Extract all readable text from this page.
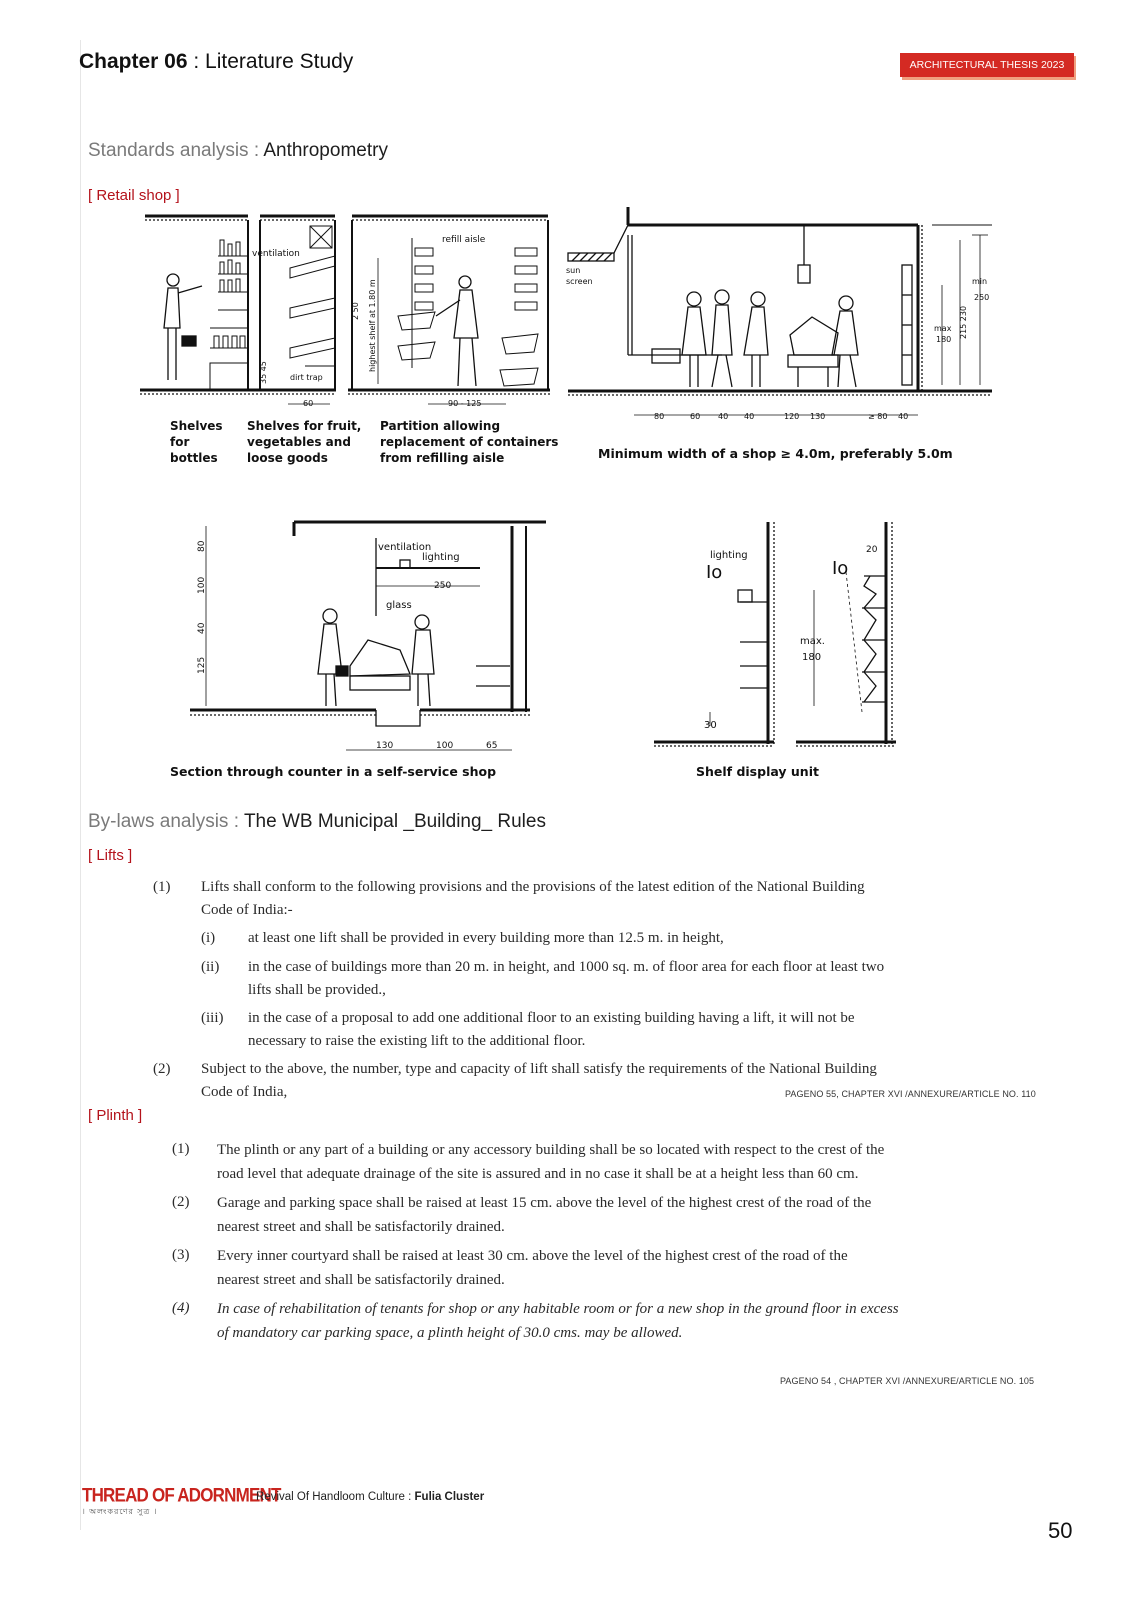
Chapter 06 : Literature Study	ARCHITECTURAL THESIS 2023
Standards analysis : Anthropometry
[ Retail shop ]
ventilation
dirt trap
refill aisle
60	90 - 125
2 50 highest shelf at 1.80 m
35 45
Shelves
for
bottles
Shelves for fruit,
vegetables and
loose goods
Partition allowing
replacement of containers
from refilling aisle
sun
screen	min
250
max
180
215 230
80	60 40 40	120 130	≥ 80 40
Minimum width of a shop ≥ 4.0m, preferably 5.0m
ventilation
lighting
250
glass
80
100
40
125
130	100	65
Section through counter in a self-service shop
lighting
Io	Io
20
max.
180
30
Shelf display unit
By-laws analysis : The WB Municipal _Building_ Rules
[ Lifts ]
(1) Lifts shall conform to the following provisions and the provisions of the latest edition of the National Building
Code of India:-
(i) at least one lift shall be provided in every building more than 12.5 m. in height,
(ii) in the case of buildings more than 20 m. in height, and 1000 sq. m. of floor area for each floor at least two
lifts shall be provided.,
(iii) in the case of a proposal to add one additional floor to an existing building having a lift, it will not be
necessary to raise the existing lift to the additional floor.
(2) Subject to the above, the number, type and capacity of lift shall satisfy the requirements of the National Building
Code of India,	PAGENO 55, CHAPTER XVI /ANNEXURE/ARTICLE NO. 110
[ Plinth ]
(1) The plinth or any part of a building or any accessory building shall be so located with respect to the crest of the
road level that adequate drainage of the site is assured and in no case it shall be at a height less than 60 cm.
(2) Garage and parking space shall be raised at least 15 cm. above the level of the highest crest of the road of the
nearest street and shall be satisfactorily drained.
(3) Every inner courtyard shall be raised at least 30 cm. above the level of the highest crest of the road of the
nearest street and shall be satisfactorily drained.
(4) In case of rehabilitation of tenants for shop or any habitable room or for a new shop in the ground floor in excess
of mandatory car parking space, a plinth height of 30.0 cms. may be allowed.
PAGENO 54 , CHAPTER XVI /ANNEXURE/ARTICLE NO. 105
THREAD OF ADORNMENT
। অলংকরণের সুত্র ।
Revival Of Handloom Culture : Fulia Cluster
50
